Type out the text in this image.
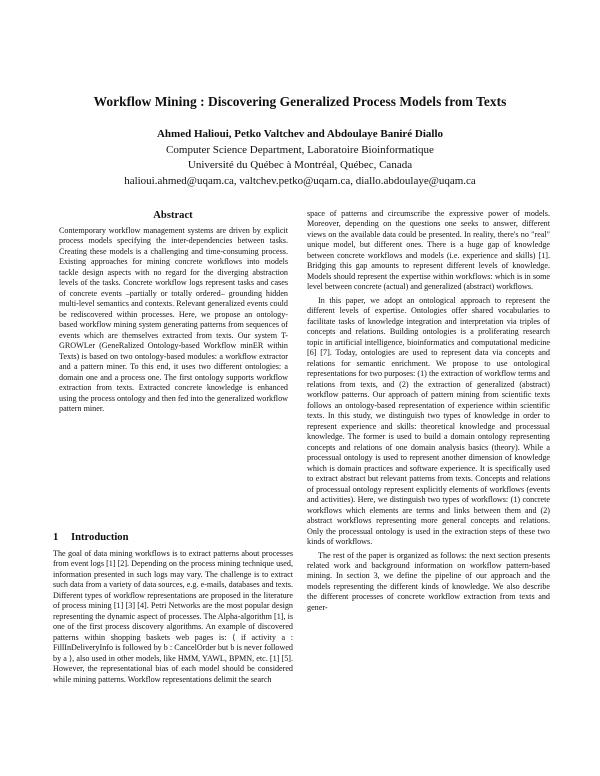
Workflow Mining : Discovering Generalized Process Models from Texts
Ahmed Halioui, Petko Valtchev and Abdoulaye Baniré Diallo
Computer Science Department, Laboratoire Bioinformatique
Université du Québec à Montréal, Québec, Canada
halioui.ahmed@uqam.ca, valtchev.petko@uqam.ca, diallo.abdoulaye@uqam.ca
Abstract

Contemporary workflow management systems are driven by explicit process models specifying the inter-dependencies between tasks. Creating these models is a challenging and time-consuming process. Existing approaches for mining concrete workflows into models tackle design aspects with no regard for the diverging abstraction levels of the tasks. Concrete workflow logs represent tasks and cases of concrete events –partially or totally ordered– grounding hidden multi-level semantics and contexts. Relevant generalized events could be rediscovered within processes. Here, we propose an ontology-based workflow mining system generating patterns from sequences of events which are themselves extracted from texts. Our system T-GROWLer (GeneRalized Ontology-based Workflow minER within Texts) is based on two ontology-based modules: a workflow extractor and a pattern miner. To this end, it uses two different ontologies: a domain one and a process one. The first ontology supports workflow extraction from texts. Extracted concrete knowledge is enhanced using the process ontology and then fed into the generalized workflow pattern miner.

1 Introduction

The goal of data mining workflows is to extract patterns about processes from event logs [1] [2]. Depending on the process mining technique used, information presented in such logs may vary. The challenge is to extract such data from a variety of data sources, e.g. e-mails, databases and texts. Different types of workflow representations are proposed in the literature of process mining [1] [3] [4]. Petri Networks are the most popular design representing the dynamic aspect of processes. The Alpha-algorithm [1], is one of the first process discovery algorithms. An example of discovered patterns within shopping baskets web pages is: ⟨ if activity a : FillInDeliveryInfo is followed by b : CancelOrder but b is never followed by a ⟩, also used in other models, like HMM, YAWL, BPMN, etc. [1] [5]. However, the representational bias of each model should be considered while mining patterns. Workflow representations delimit the search

space of patterns and circumscribe the expressive power of models. Moreover, depending on the questions one seeks to answer, different views on the available data could be presented. In reality, there's no "real" unique model, but different ones. There is a huge gap of knowledge between concrete workflows and models (i.e. experience and skills) [1]. Bridging this gap amounts to represent different levels of knowledge. Models should represent the expertise within workflows: which is in some level between concrete (actual) and generalized (abstract) workflows.

In this paper, we adopt an ontological approach to represent the different levels of expertise. Ontologies offer shared vocabularies to facilitate tasks of knowledge integration and interpretation via triples of concepts and relations. Building ontologies is a proliferating research topic in artificial intelligence, bioinformatics and computational medicine [6] [7]. Today, ontologies are used to represent data via concepts and relations for semantic enrichment. We propose to use ontological representations for two purposes: (1) the extraction of workflow terms and relations from texts, and (2) the extraction of generalized (abstract) workflow patterns. Our approach of pattern mining from scientific texts follows an ontology-based representation of experience within scientific texts. In this study, we distinguish two types of knowledge in order to represent experience and skills: theoretical knowledge and processual knowledge. The former is used to build a domain ontology representing concepts and relations of one domain analysis basics (theory). While a processual ontology is used to represent another dimension of knowledge which is domain practices and software experience. It is specifically used to extract abstract but relevant patterns from texts. Concepts and relations of processual ontology represent explicitly elements of workflows (events and activities). Here, we distinguish two types of workflows: (1) concrete workflows which elements are terms and links between them and (2) abstract workflows representing more general concepts and relations. Only the processual ontology is used in the extraction steps of these two kinds of workflows.

The rest of the paper is organized as follows: the next section presents related work and background information on workflow pattern-based mining. In section 3, we define the pipeline of our approach and the models representing the different kinds of knowledge. We also describe the different processes of concrete workflow extraction from texts and gener-
